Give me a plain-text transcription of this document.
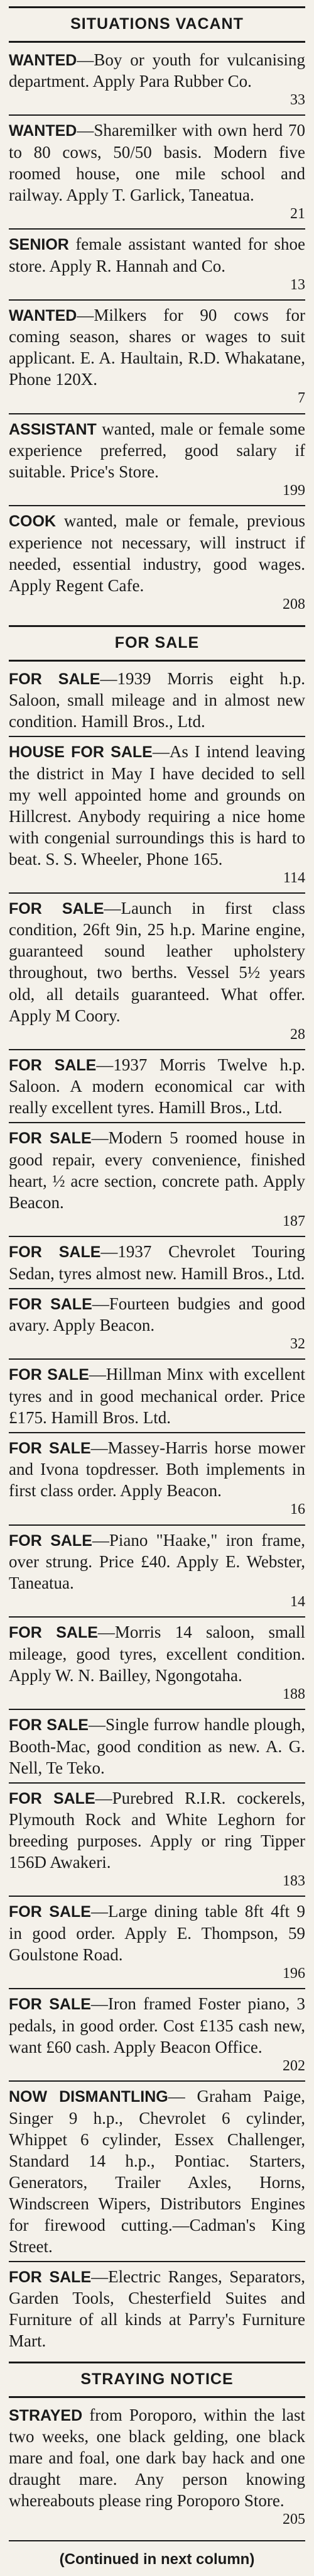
SITUATIONS VACANT
WANTED—Boy or youth for vulcanising department. Apply Para Rubber Co.
33
WANTED—Sharemilker with own herd 70 to 80 cows, 50/50 basis. Modern five roomed house, one mile school and railway. Apply T. Garlick, Taneatua.
21
SENIOR female assistant wanted for shoe store. Apply R. Hannah and Co.
13
WANTED—Milkers for 90 cows for coming season, shares or wages to suit applicant. E. A. Haultain, R.D. Whakatane, Phone 120X.
7
ASSISTANT wanted, male or female some experience preferred, good salary if suitable. Price's Store.
199
COOK wanted, male or female, previous experience not necessary, will instruct if needed, essential industry, good wages. Apply Regent Cafe.
208
FOR SALE
FOR SALE—1939 Morris eight h.p. Saloon, small mileage and in almost new condition. Hamill Bros., Ltd.
HOUSE FOR SALE—As I intend leaving the district in May I have decided to sell my well appointed home and grounds on Hillcrest. Anybody requiring a nice home with congenial surroundings this is hard to beat. S. S. Wheeler, Phone 165.
114
FOR SALE—Launch in first class condition, 26ft 9in, 25 h.p. Marine engine, guaranteed sound leather upholstery throughout, two berths. Vessel 5½ years old, all details guaranteed. What offer. Apply M Coory.
28
FOR SALE—1937 Morris Twelve h.p. Saloon. A modern economical car with really excellent tyres. Hamill Bros., Ltd.
FOR SALE—Modern 5 roomed house in good repair, every convenience, finished heart, ½ acre section, concrete path. Apply Beacon.
187
FOR SALE—1937 Chevrolet Touring Sedan, tyres almost new. Hamill Bros., Ltd.
FOR SALE—Fourteen budgies and good avary. Apply Beacon.
32
FOR SALE—Hillman Minx with excellent tyres and in good mechanical order. Price £175. Hamill Bros. Ltd.
FOR SALE—Massey-Harris horse mower and Ivona topdresser. Both implements in first class order. Apply Beacon.
16
FOR SALE—Piano "Haake," iron frame, over strung. Price £40. Apply E. Webster, Taneatua.
14
FOR SALE—Morris 14 saloon, small mileage, good tyres, excellent condition. Apply W. N. Bailley, Ngongotaha.
188
FOR SALE—Single furrow handle plough, Booth-Mac, good condition as new. A. G. Nell, Te Teko.
FOR SALE—Purebred R.I.R. cockerels, Plymouth Rock and White Leghorn for breeding purposes. Apply or ring Tipper 156D Awakeri.
183
FOR SALE—Large dining table 8ft 4ft 9 in good order. Apply E. Thompson, 59 Goulstone Road.
196
FOR SALE—Iron framed Foster piano, 3 pedals, in good order. Cost £135 cash new, want £60 cash. Apply Beacon Office.
202
NOW DISMANTLING— Graham Paige, Singer 9 h.p., Chevrolet 6 cylinder, Whippet 6 cylinder, Essex Challenger, Standard 14 h.p., Pontiac. Starters, Generators, Trailer Axles, Horns, Windscreen Wipers, Distributors Engines for firewood cutting.—Cadman's King Street.
FOR SALE—Electric Ranges, Separators, Garden Tools, Chesterfield Suites and Furniture of all kinds at Parry's Furniture Mart.
STRAYING NOTICE
STRAYED from Poroporo, within the last two weeks, one black gelding, one black mare and foal, one dark bay hack and one draught mare. Any person knowing whereabouts please ring Poroporo Store.
205
(Continued in next column)
